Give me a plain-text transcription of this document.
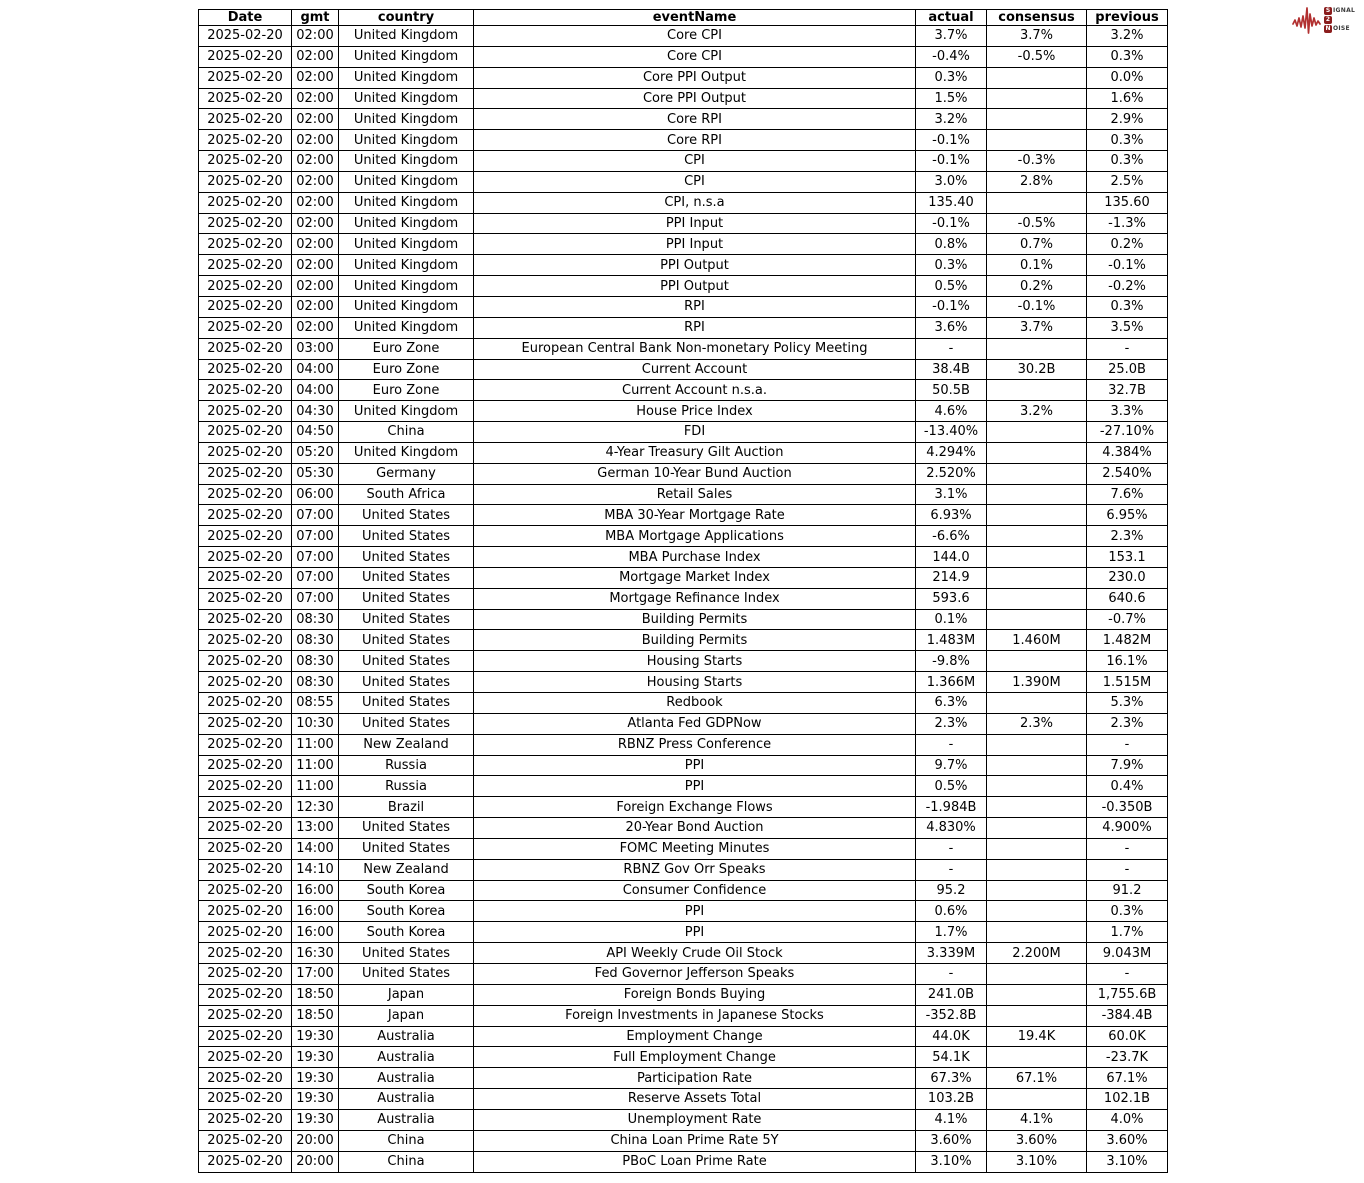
Date	gmt	country	eventName	actual	consensus	previous
2025-02-20	02:00	United Kingdom	Core CPI	3.7%	3.7%	3.2%
2025-02-20	02:00	United Kingdom	Core CPI	-0.4%	-0.5%	0.3%
2025-02-20	02:00	United Kingdom	Core PPI Output	0.3%		0.0%
2025-02-20	02:00	United Kingdom	Core PPI Output	1.5%		1.6%
2025-02-20	02:00	United Kingdom	Core RPI	3.2%		2.9%
2025-02-20	02:00	United Kingdom	Core RPI	-0.1%		0.3%
2025-02-20	02:00	United Kingdom	CPI	-0.1%	-0.3%	0.3%
2025-02-20	02:00	United Kingdom	CPI	3.0%	2.8%	2.5%
2025-02-20	02:00	United Kingdom	CPI, n.s.a	135.40		135.60
2025-02-20	02:00	United Kingdom	PPI Input	-0.1%	-0.5%	-1.3%
2025-02-20	02:00	United Kingdom	PPI Input	0.8%	0.7%	0.2%
2025-02-20	02:00	United Kingdom	PPI Output	0.3%	0.1%	-0.1%
2025-02-20	02:00	United Kingdom	PPI Output	0.5%	0.2%	-0.2%
2025-02-20	02:00	United Kingdom	RPI	-0.1%	-0.1%	0.3%
2025-02-20	02:00	United Kingdom	RPI	3.6%	3.7%	3.5%
2025-02-20	03:00	Euro Zone	European Central Bank Non-monetary Policy Meeting	-		-
2025-02-20	04:00	Euro Zone	Current Account	38.4B	30.2B	25.0B
2025-02-20	04:00	Euro Zone	Current Account n.s.a.	50.5B		32.7B
2025-02-20	04:30	United Kingdom	House Price Index	4.6%	3.2%	3.3%
2025-02-20	04:50	China	FDI	-13.40%		-27.10%
2025-02-20	05:20	United Kingdom	4-Year Treasury Gilt Auction	4.294%		4.384%
2025-02-20	05:30	Germany	German 10-Year Bund Auction	2.520%		2.540%
2025-02-20	06:00	South Africa	Retail Sales	3.1%		7.6%
2025-02-20	07:00	United States	MBA 30-Year Mortgage Rate	6.93%		6.95%
2025-02-20	07:00	United States	MBA Mortgage Applications	-6.6%		2.3%
2025-02-20	07:00	United States	MBA Purchase Index	144.0		153.1
2025-02-20	07:00	United States	Mortgage Market Index	214.9		230.0
2025-02-20	07:00	United States	Mortgage Refinance Index	593.6		640.6
2025-02-20	08:30	United States	Building Permits	0.1%		-0.7%
2025-02-20	08:30	United States	Building Permits	1.483M	1.460M	1.482M
2025-02-20	08:30	United States	Housing Starts	-9.8%		16.1%
2025-02-20	08:30	United States	Housing Starts	1.366M	1.390M	1.515M
2025-02-20	08:55	United States	Redbook	6.3%		5.3%
2025-02-20	10:30	United States	Atlanta Fed GDPNow	2.3%	2.3%	2.3%
2025-02-20	11:00	New Zealand	RBNZ Press Conference	-		-
2025-02-20	11:00	Russia	PPI	9.7%		7.9%
2025-02-20	11:00	Russia	PPI	0.5%		0.4%
2025-02-20	12:30	Brazil	Foreign Exchange Flows	-1.984B		-0.350B
2025-02-20	13:00	United States	20-Year Bond Auction	4.830%		4.900%
2025-02-20	14:00	United States	FOMC Meeting Minutes	-		-
2025-02-20	14:10	New Zealand	RBNZ Gov Orr Speaks	-		-
2025-02-20	16:00	South Korea	Consumer Confidence	95.2		91.2
2025-02-20	16:00	South Korea	PPI	0.6%		0.3%
2025-02-20	16:00	South Korea	PPI	1.7%		1.7%
2025-02-20	16:30	United States	API Weekly Crude Oil Stock	3.339M	2.200M	9.043M
2025-02-20	17:00	United States	Fed Governor Jefferson Speaks	-		-
2025-02-20	18:50	Japan	Foreign Bonds Buying	241.0B		1,755.6B
2025-02-20	18:50	Japan	Foreign Investments in Japanese Stocks	-352.8B		-384.4B
2025-02-20	19:30	Australia	Employment Change	44.0K	19.4K	60.0K
2025-02-20	19:30	Australia	Full Employment Change	54.1K		-23.7K
2025-02-20	19:30	Australia	Participation Rate	67.3%	67.1%	67.1%
2025-02-20	19:30	Australia	Reserve Assets Total	103.2B		102.1B
2025-02-20	19:30	Australia	Unemployment Rate	4.1%	4.1%	4.0%
2025-02-20	20:00	China	China Loan Prime Rate 5Y	3.60%	3.60%	3.60%
2025-02-20	20:00	China	PBoC Loan Prime Rate	3.10%	3.10%	3.10%
S IGNAL
2
N OISE
